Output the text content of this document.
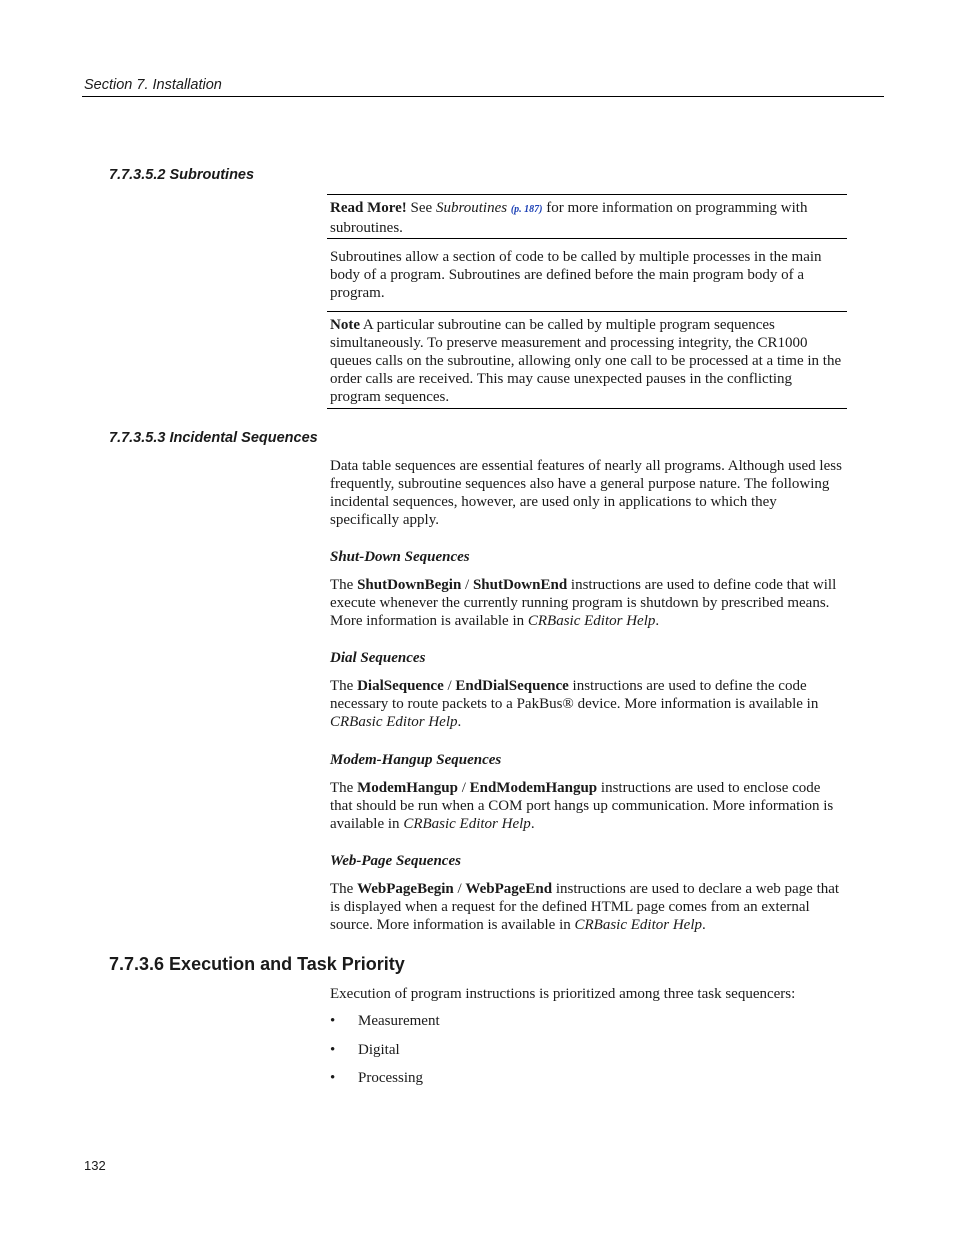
Section 7. Installation
7.7.3.5.2 Subroutines

Read More! See Subroutines (p. 187) for more information on programming with subroutines.

Subroutines allow a section of code to be called by multiple processes in the main body of a program. Subroutines are defined before the main program body of a program.

Note A particular subroutine can be called by multiple program sequences simultaneously. To preserve measurement and processing integrity, the CR1000 queues calls on the subroutine, allowing only one call to be processed at a time in the order calls are received. This may cause unexpected pauses in the conflicting program sequences.

7.7.3.5.3 Incidental Sequences
Data table sequences are essential features of nearly all programs. Although used less frequently, subroutine sequences also have a general purpose nature. The following incidental sequences, however, are used only in applications to which they specifically apply.
Shut-Down Sequences
The ShutDownBegin / ShutDownEnd instructions are used to define code that will execute whenever the currently running program is shutdown by prescribed means. More information is available in CRBasic Editor Help.
Dial Sequences
The DialSequence / EndDialSequence instructions are used to define the code necessary to route packets to a PakBus® device. More information is available in CRBasic Editor Help.
Modem-Hangup Sequences
The ModemHangup / EndModemHangup instructions are used to enclose code that should be run when a COM port hangs up communication. More information is available in CRBasic Editor Help.
Web-Page Sequences
The WebPageBegin / WebPageEnd instructions are used to declare a web page that is displayed when a request for the defined HTML page comes from an external source. More information is available in CRBasic Editor Help.
7.7.3.6 Execution and Task Priority
Execution of program instructions is prioritized among three task sequencers:
• Measurement
• Digital
• Processing
132
